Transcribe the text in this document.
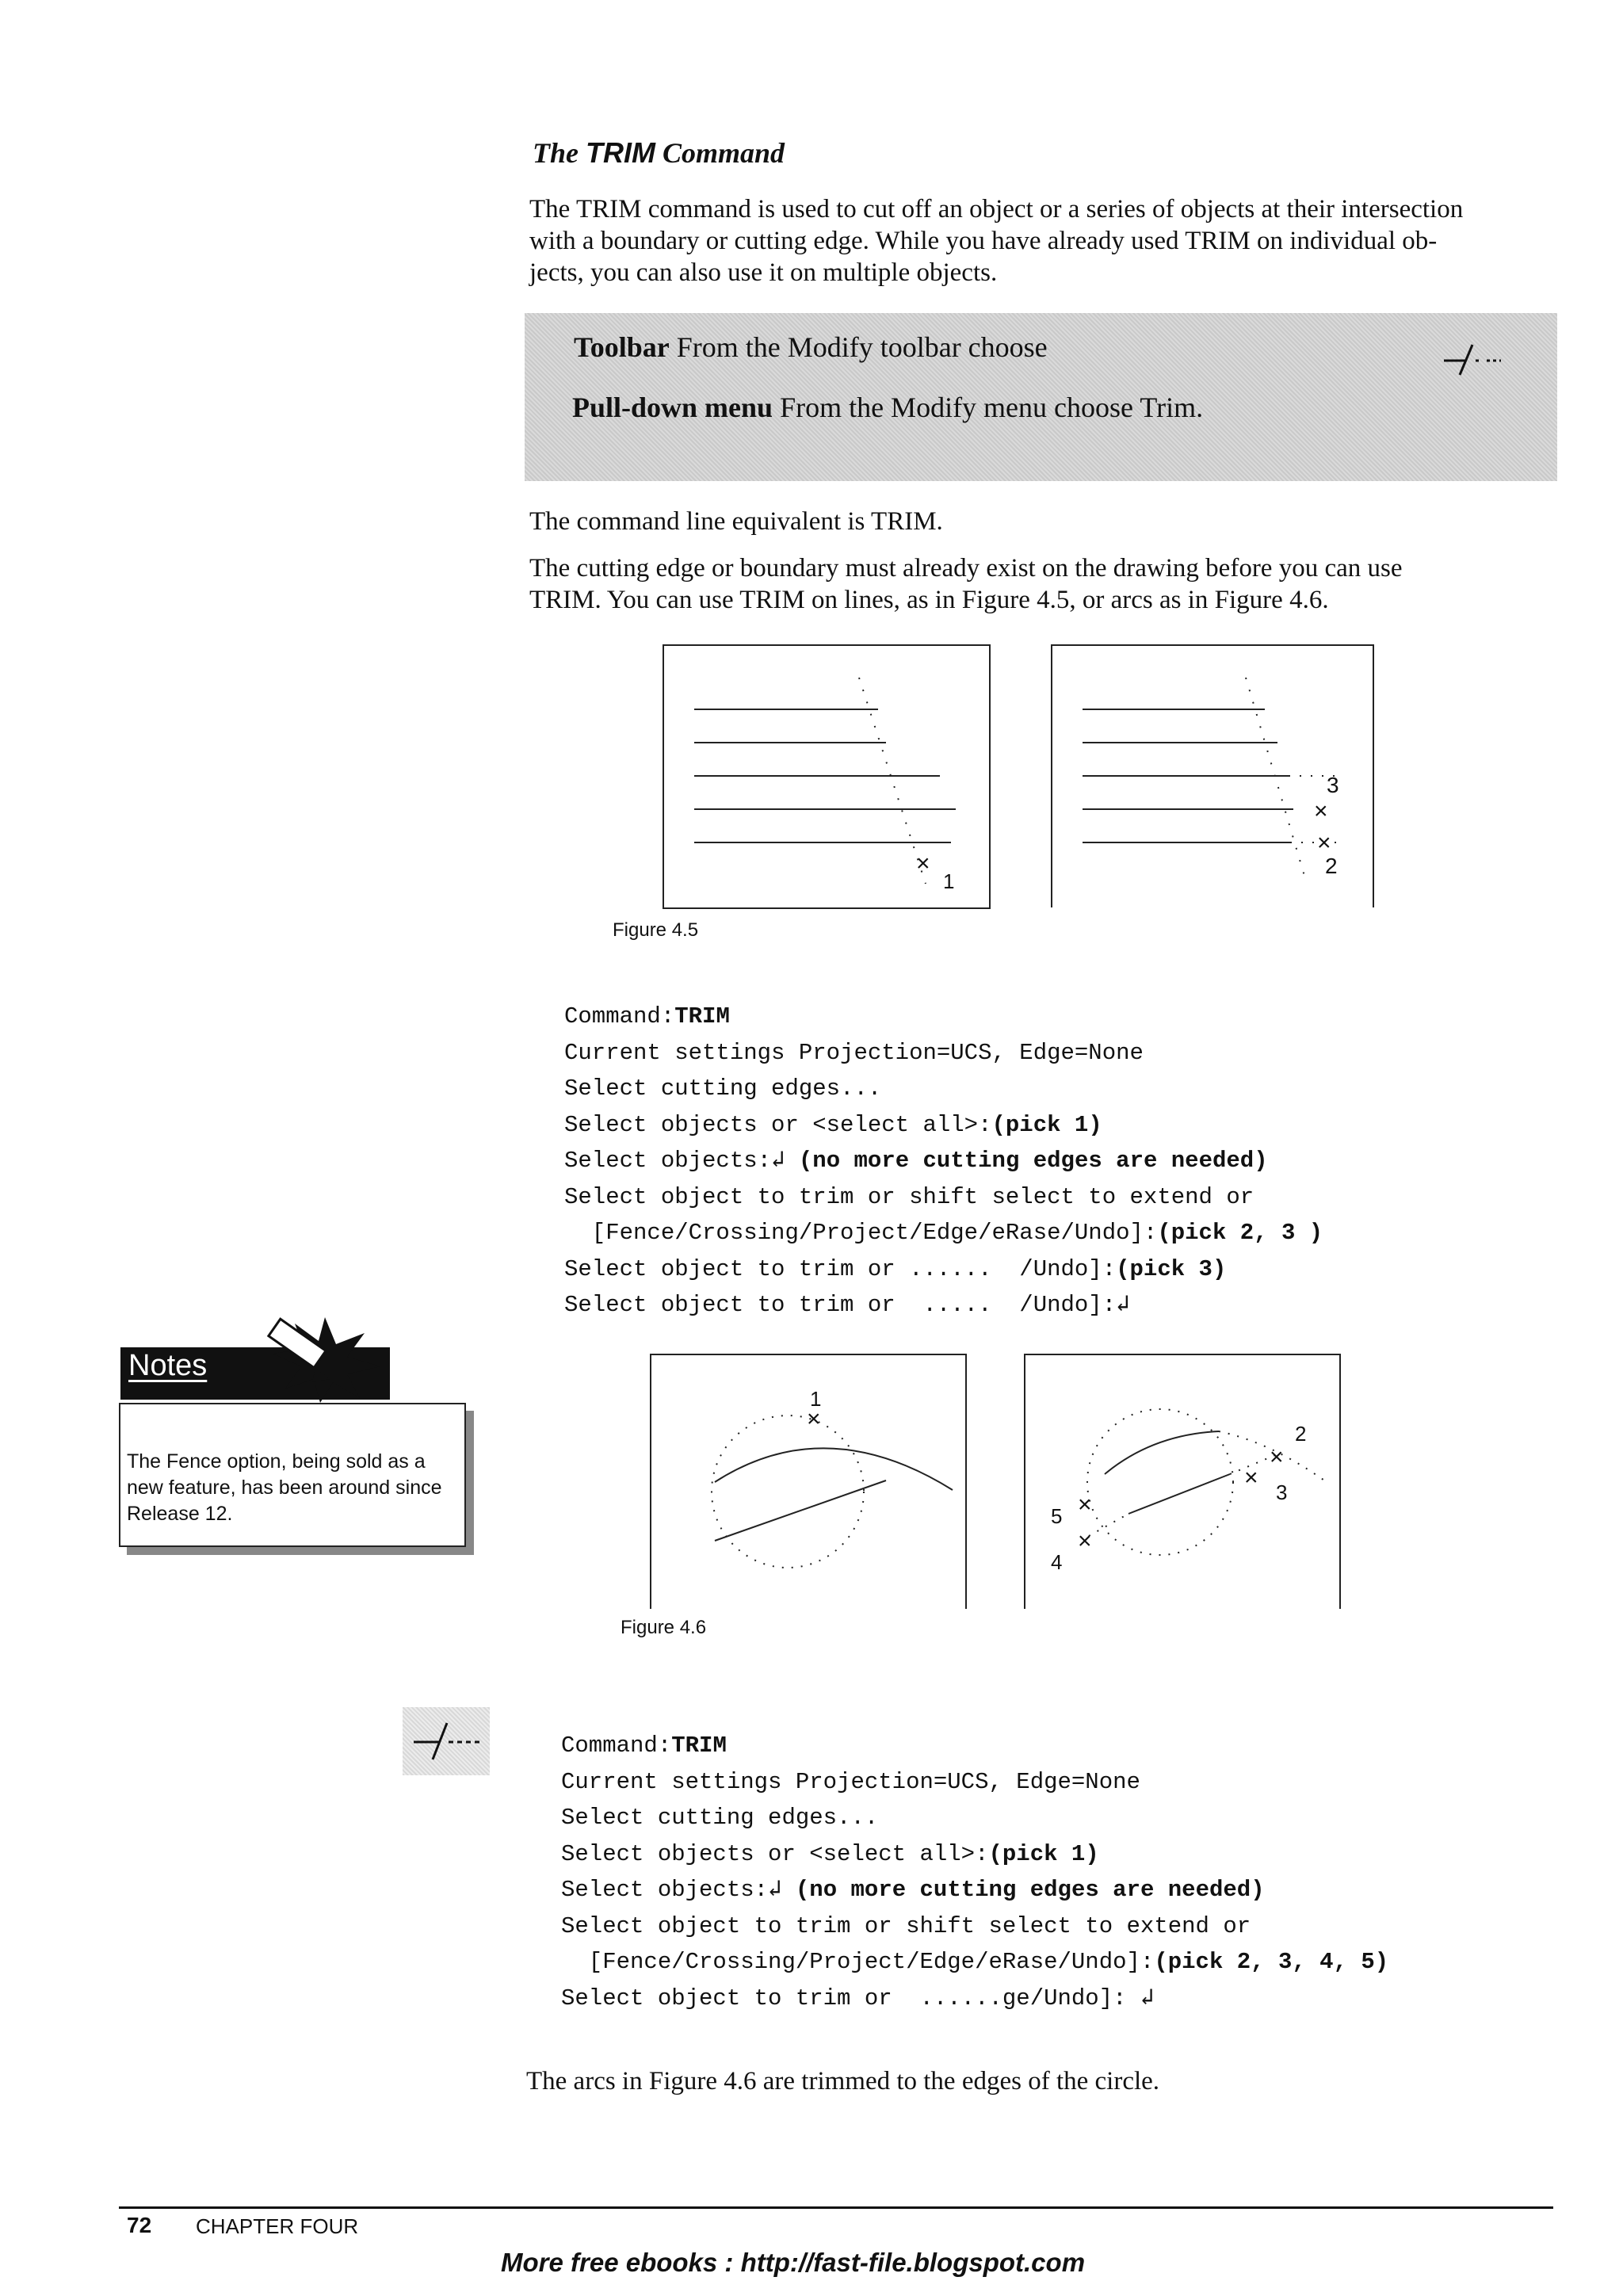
The TRIM Command
The TRIM command is used to cut off an object or a series of objects at their intersection
with a boundary or cutting edge. While you have already used TRIM on individual ob-
jects, you can also use it on multiple objects.
Toolbar From the Modify toolbar choose
Pull-down menu From the Modify menu choose Trim.
The command line equivalent is TRIM.
The cutting edge or boundary must already exist on the drawing before you can use
TRIM. You can use TRIM on lines, as in Figure 4.5, or arcs as in Figure 4.6.
×
1
3
×
×
2
Figure 4.5
Command:TRIM
Current settings Projection=UCS, Edge=None
Select cutting edges...
Select objects or <select all>:(pick 1)
Select objects:↲ (no more cutting edges are needed)
Select object to trim or shift select to extend or
[Fence/Crossing/Project/Edge/eRase/Undo]:(pick 2, 3 )
Select object to trim or ......  /Undo]:(pick 3)
Select object to trim or  .....  /Undo]:↲
Notes
The Fence option, being sold as a new feature, has been around since Release 12.
1
×
2
×
×
3
×
5
×
4
Figure 4.6
Command:TRIM
Current settings Projection=UCS, Edge=None
Select cutting edges...
Select objects or <select all>:(pick 1)
Select objects:↲ (no more cutting edges are needed)
Select object to trim or shift select to extend or
[Fence/Crossing/Project/Edge/eRase/Undo]:(pick 2, 3, 4, 5)
Select object to trim or  ......ge/Undo]: ↲
The arcs in Figure 4.6 are trimmed to the edges of the circle.
72 CHAPTER FOUR
More free ebooks : http://fast-file.blogspot.com
